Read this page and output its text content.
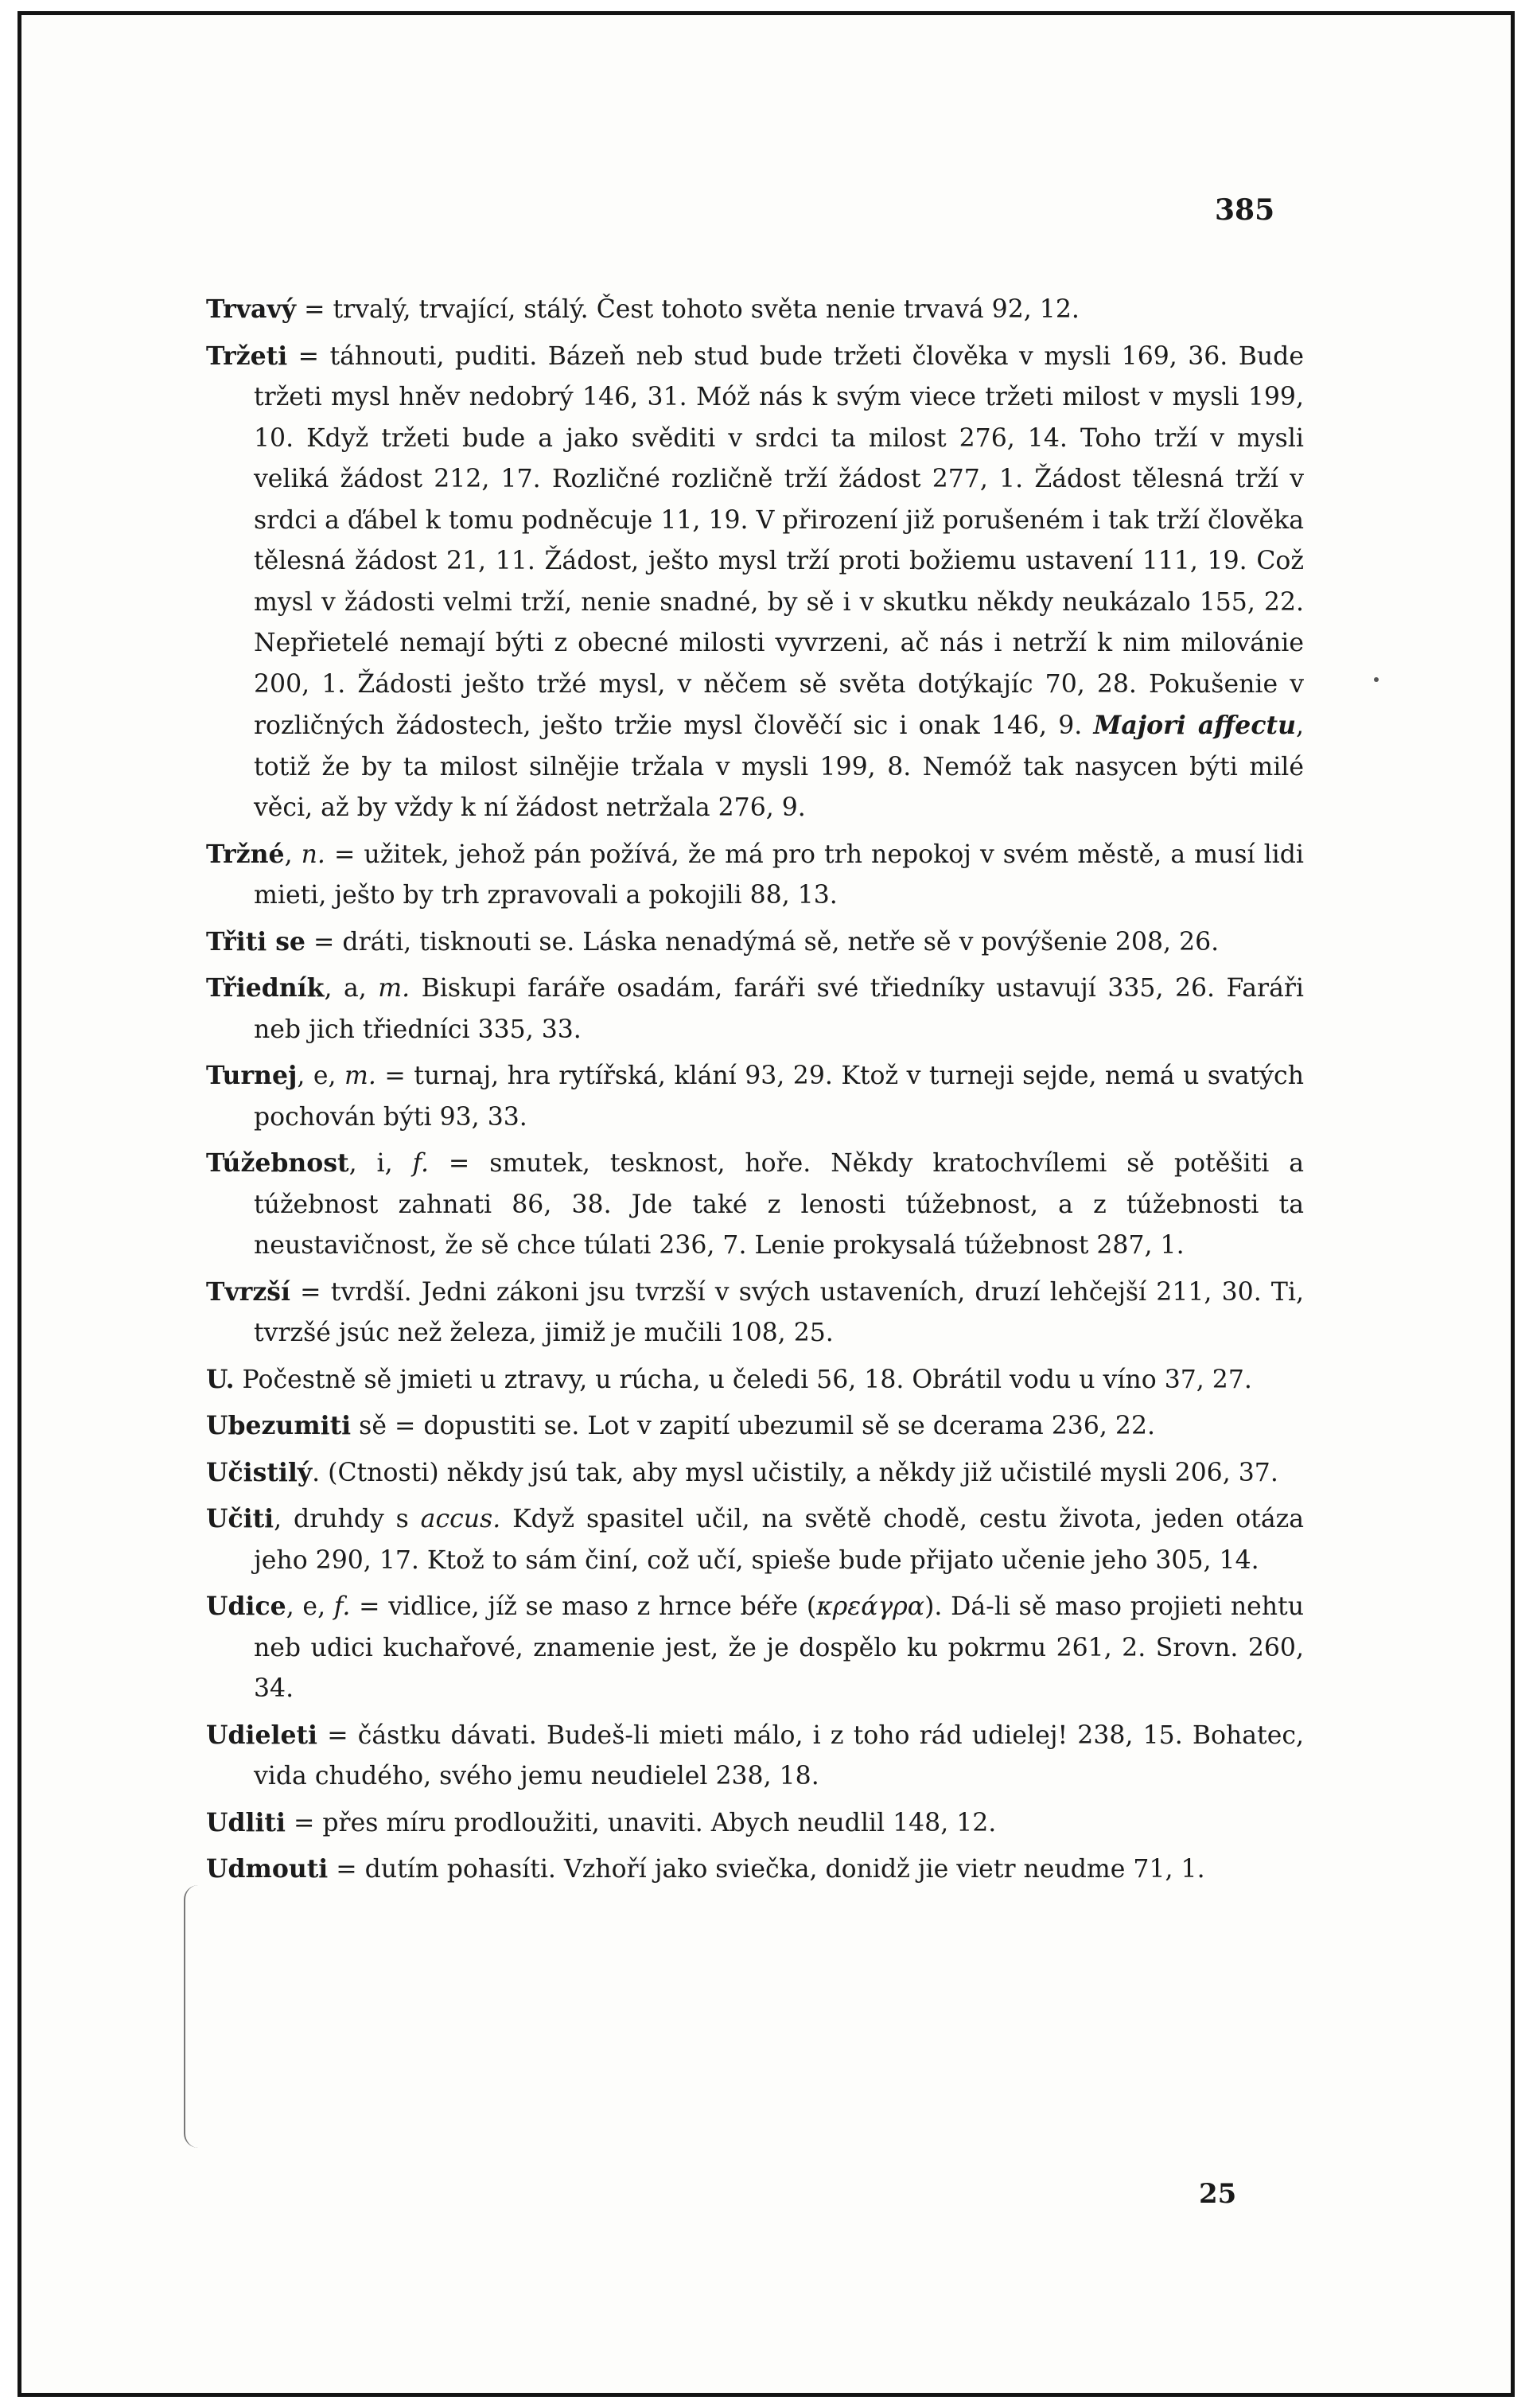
385

Trvavý = trvalý, trvající, stálý. Čest tohoto světa nenie trvavá 92, 12.

Tržeti = táhnouti, puditi. Bázeň neb stud bude tržeti člověka v mysli 169, 36. Bude tržeti mysl hněv nedobrý 146, 31. Móž nás k svým viece tržeti milost v mysli 199, 10. Když tržeti bude a jako svěditi v srdci ta milost 276, 14. Toho trží v mysli veliká žádost 212, 17. Rozličné rozličně trží žádost 277, 1. Žádost tělesná trží v srdci a ďábel k tomu podněcuje 11, 19. V přirození již porušeném i tak trží člověka tělesná žádost 21, 11. Žádost, ješto mysl trží proti božiemu ustavení 111, 19. Což mysl v žádosti velmi trží, nenie snadné, by sě i v skutku někdy neukázalo 155, 22. Nepřietelé nemají býti z obecné milosti vyvrzeni, ač nás i netrží k nim milovánie 200, 1. Žádosti ješto tržé mysl, v něčem sě světa dotýkajíc 70, 28. Pokušenie v rozličných žádostech, ješto tržie mysl člověčí sic i onak 146, 9. Majori affectu, totiž že by ta milost silnějie tržala v mysli 199, 8. Nemóž tak nasycen býti milé věci, až by vždy k ní žádost netržala 276, 9.

Tržné, n. = užitek, jehož pán požívá, že má pro trh nepokoj v svém městě, a musí lidi mieti, ješto by trh zpravovali a pokojili 88, 13.

Třiti se = dráti, tisknouti se. Láska nenadýmá sě, netře sě v povýšenie 208, 26.

Třiedník, a, m. Biskupi faráře osadám, faráři své třiedníky ustavují 335, 26. Faráři neb jich třiedníci 335, 33.

Turnej, e, m. = turnaj, hra rytířská, klání 93, 29. Ktož v turneji sejde, nemá u svatých pochován býti 93, 33.

Túžebnost, i, f. = smutek, tesknost, hoře. Někdy kratochvílemi sě potěšiti a túžebnost zahnati 86, 38. Jde také z lenosti túžebnost, a z túžebnosti ta neustavičnost, že sě chce túlati 236, 7. Lenie prokysalá túžebnost 287, 1.

Tvrzší = tvrdší. Jedni zákoni jsu tvrzší v svých ustaveních, druzí lehčejší 211, 30. Ti, tvrzšé jsúc než železa, jimiž je mučili 108, 25.

U. Počestně sě jmieti u ztravy, u rúcha, u čeledi 56, 18. Obrátil vodu u víno 37, 27.

Ubezumiti sě = dopustiti se. Lot v zapití ubezumil sě se dcerama 236, 22.

Učistilý. (Ctnosti) někdy jsú tak, aby mysl učistily, a někdy již učistilé mysli 206, 37.

Učiti, druhdy s accus. Když spasitel učil, na světě chodě, cestu života, jeden otáza jeho 290, 17. Ktož to sám činí, což učí, spieše bude přijato učenie jeho 305, 14.

Udice, e, f. = vidlice, jíž se maso z hrnce béře (κρεάγρα). Dá-li sě maso projieti nehtu neb udici kuchařové, znamenie jest, že je dospělo ku pokrmu 261, 2. Srovn. 260, 34.

Udieleti = částku dávati. Budeš-li mieti málo, i z toho rád udielej! 238, 15. Bohatec, vida chudého, svého jemu neudielel 238, 18.

Udliti = přes míru prodloužiti, unaviti. Abych neudlil 148, 12.

Udmouti = dutím pohasíti. Vzhoří jako sviečka, donidž jie vietr neudme 71, 1.

25
